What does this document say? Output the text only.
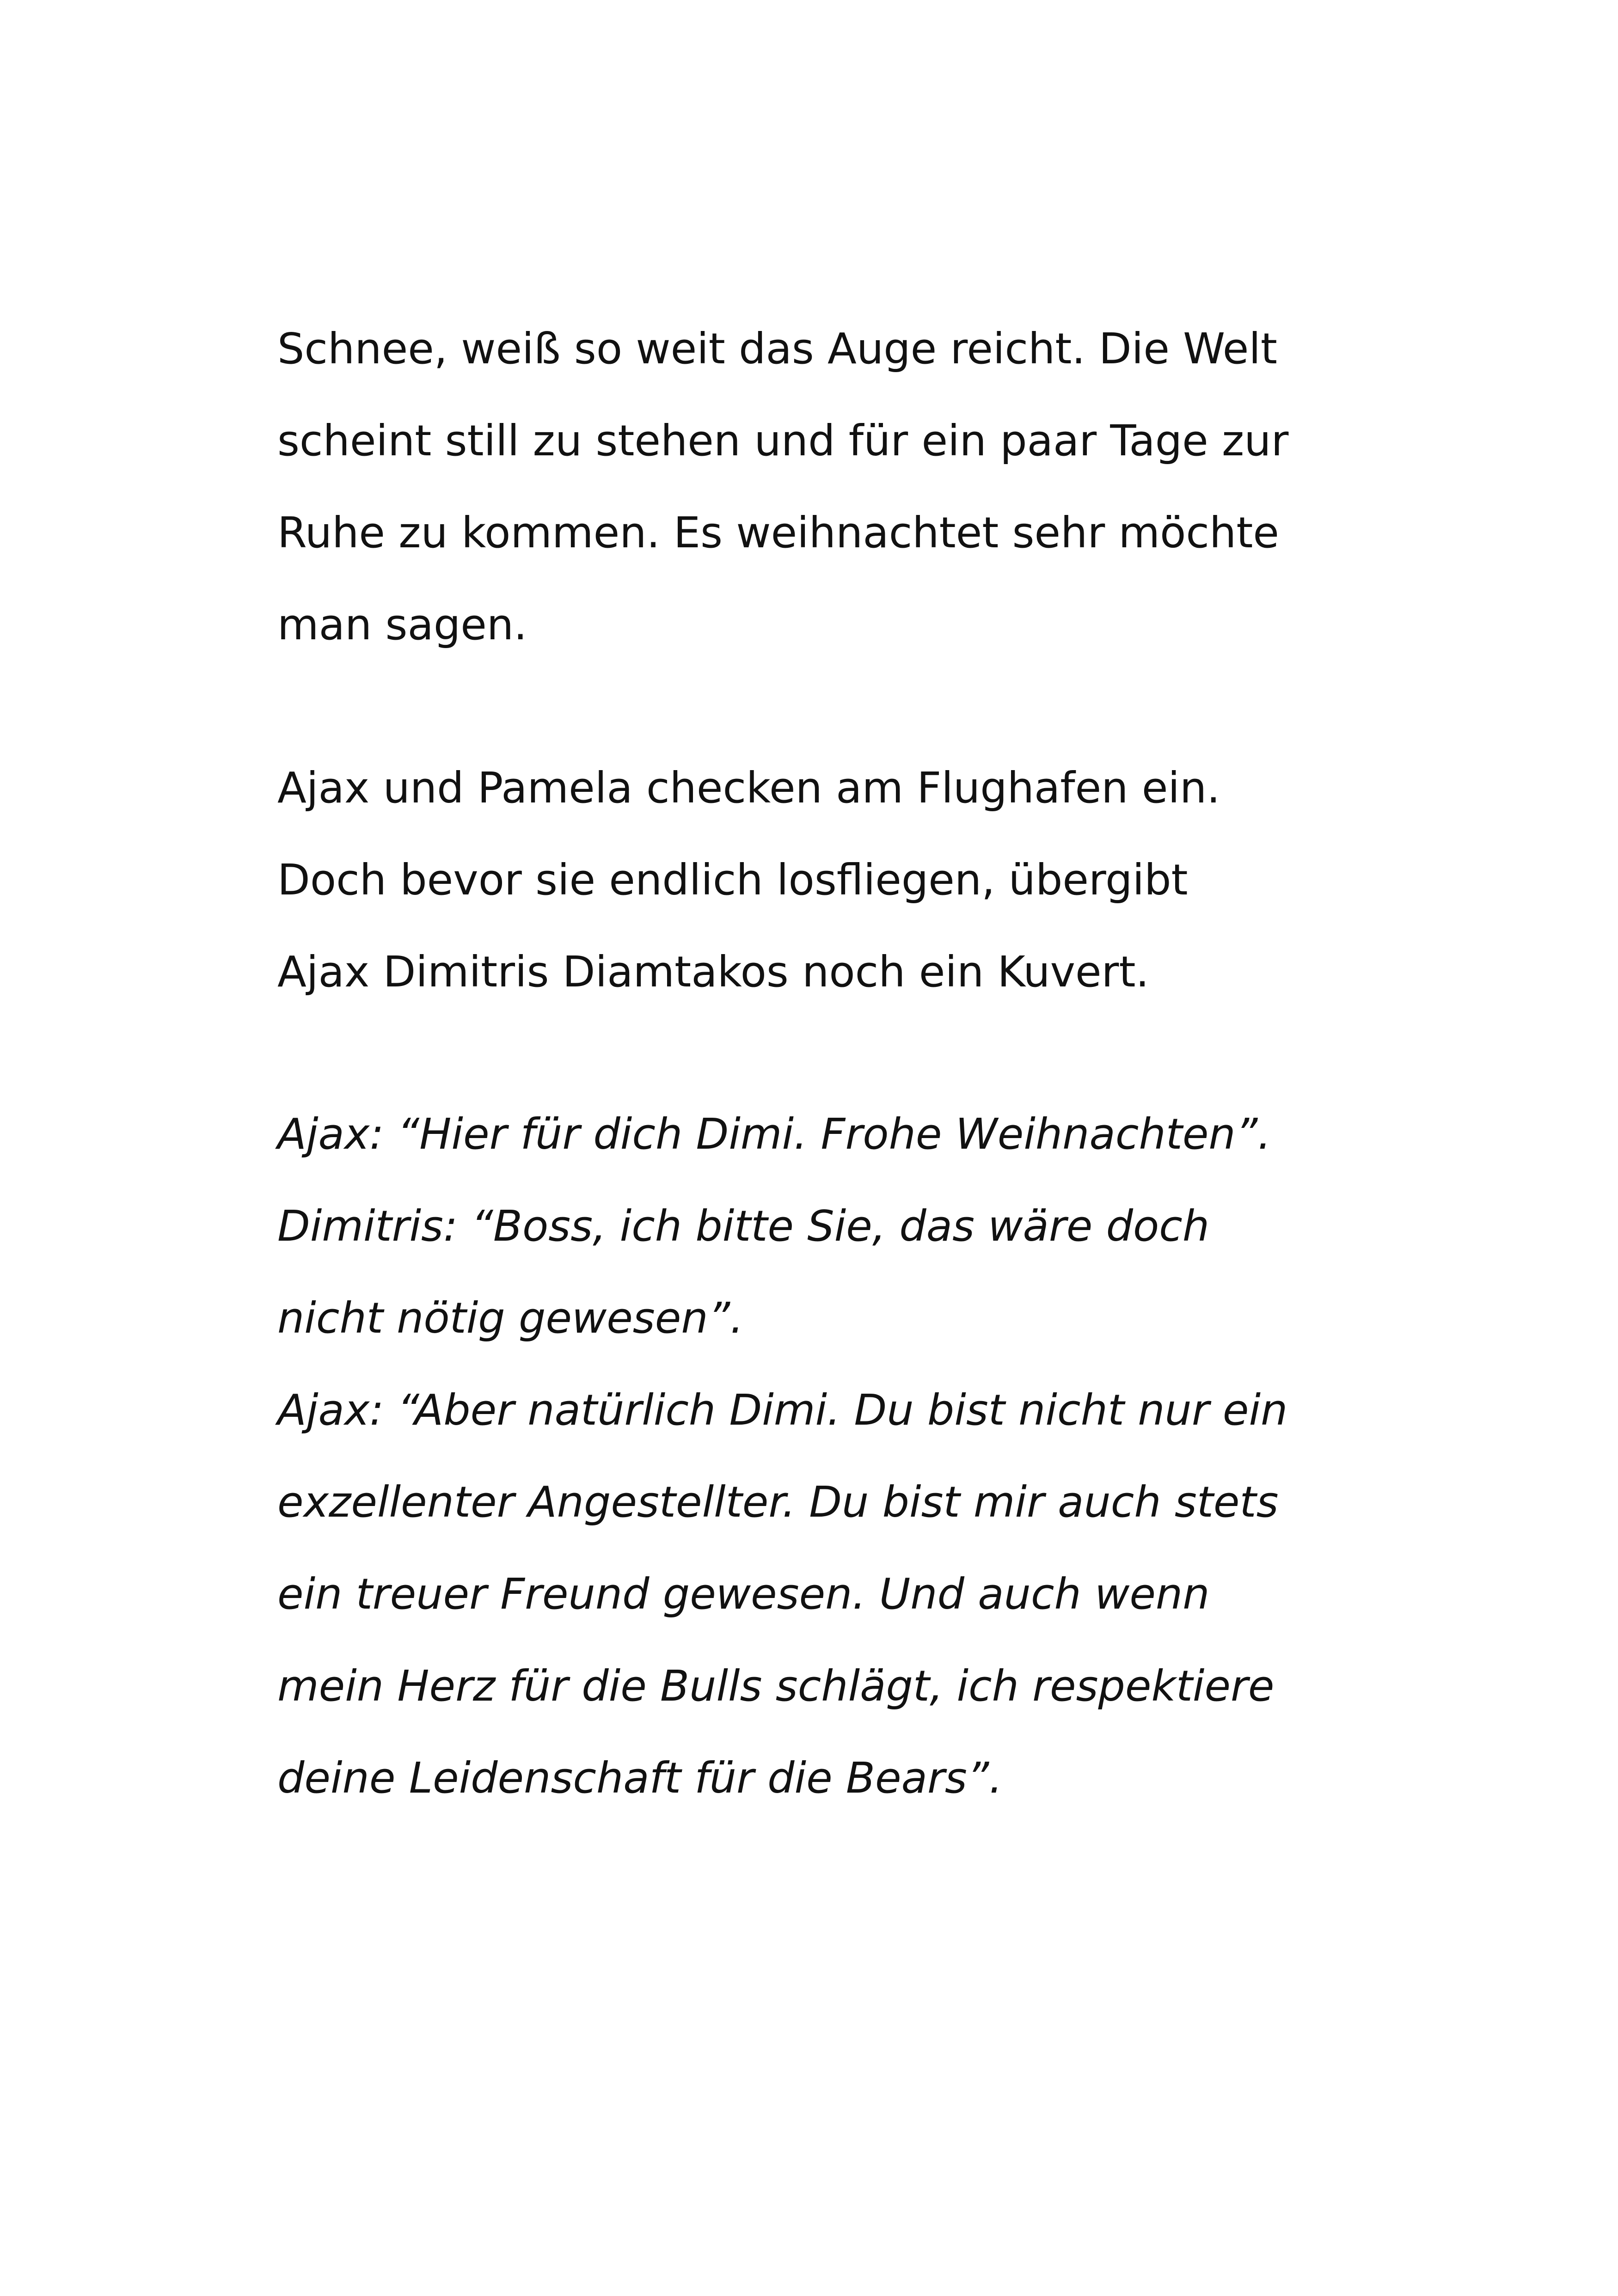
Schnee, weiß so weit das Auge reicht. Die Welt
scheint still zu stehen und für ein paar Tage zur
Ruhe zu kommen. Es weihnachtet sehr möchte
man sagen.

Ajax und Pamela checken am Flughafen ein.
Doch bevor sie endlich losfliegen, übergibt
Ajax Dimitris Diamtakos noch ein Kuvert.

Ajax: “Hier für dich Dimi. Frohe Weihnachten”.
Dimitris: “Boss, ich bitte Sie, das wäre doch
nicht nötig gewesen”.
Ajax: “Aber natürlich Dimi. Du bist nicht nur ein
exzellenter Angestellter. Du bist mir auch stets
ein treuer Freund gewesen. Und auch wenn
mein Herz für die Bulls schlägt, ich respektiere
deine Leidenschaft für die Bears”.
